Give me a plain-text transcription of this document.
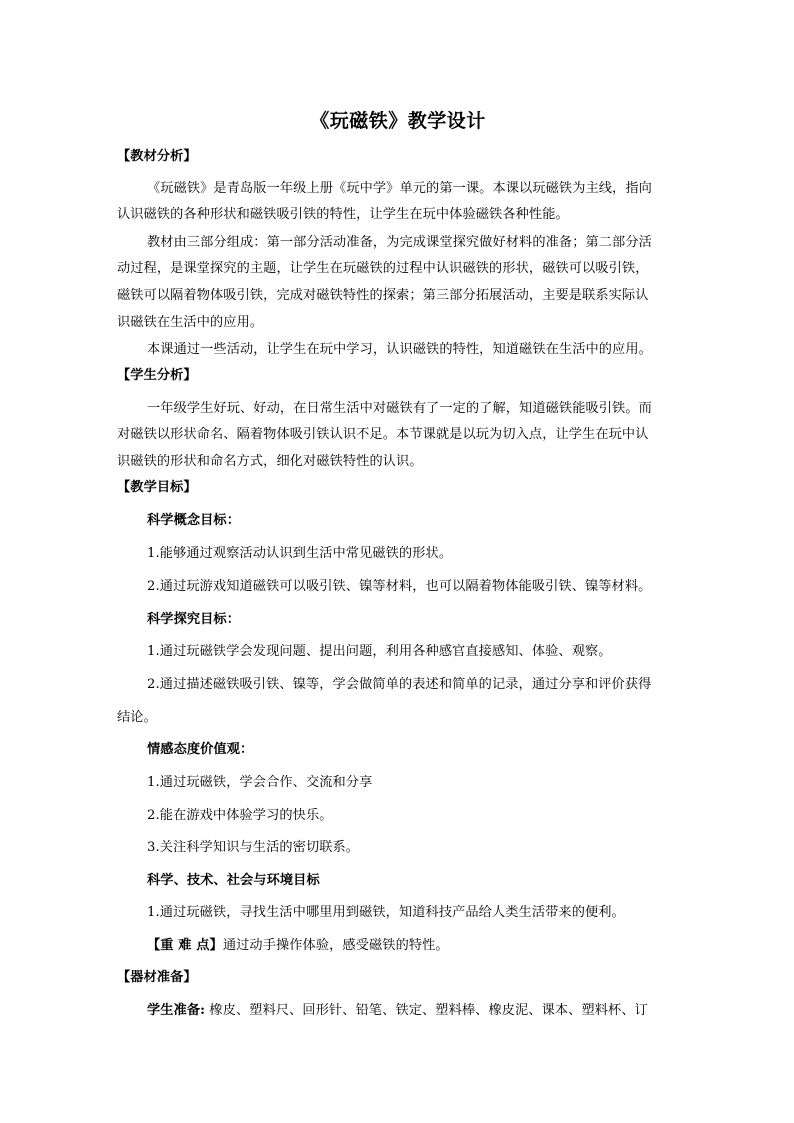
《玩磁铁》教学设计
【教材分析】
《玩磁铁》是青岛版一年级上册《玩中学》单元的第一课。本课以玩磁铁为主线，指向
认识磁铁的各种形状和磁铁吸引铁的特性，让学生在玩中体验磁铁各种性能。
教材由三部分组成：第一部分活动准备，为完成课堂探究做好材料的准备；第二部分活
动过程，是课堂探究的主题，让学生在玩磁铁的过程中认识磁铁的形状，磁铁可以吸引铁，
磁铁可以隔着物体吸引铁，完成对磁铁特性的探索；第三部分拓展活动，主要是联系实际认
识磁铁在生活中的应用。
本课通过一些活动，让学生在玩中学习，认识磁铁的特性，知道磁铁在生活中的应用。
【学生分析】
一年级学生好玩、好动，在日常生活中对磁铁有了一定的了解，知道磁铁能吸引铁。而
对磁铁以形状命名、隔着物体吸引铁认识不足。本节课就是以玩为切入点，让学生在玩中认
识磁铁的形状和命名方式，细化对磁铁特性的认识。
【教学目标】
科学概念目标：
1.能够通过观察活动认识到生活中常见磁铁的形状。
2.通过玩游戏知道磁铁可以吸引铁、镍等材料，也可以隔着物体能吸引铁、镍等材料。
科学探究目标：
1.通过玩磁铁学会发现问题、提出问题，利用各种感官直接感知、体验、观察。
2.通过描述磁铁吸引铁、镍等，学会做简单的表述和简单的记录，通过分享和评价获得
结论。
情感态度价值观：
1.通过玩磁铁，学会合作、交流和分享
2.能在游戏中体验学习的快乐。
3.关注科学知识与生活的密切联系。
科学、技术、社会与环境目标
1.通过玩磁铁，寻找生活中哪里用到磁铁，知道科技产品给人类生活带来的便利。
【重 难 点】通过动手操作体验，感受磁铁的特性。
【器材准备】
学生准备: 橡皮、塑料尺、回形针、铅笔、铁定、塑料棒、橡皮泥、课本、塑料杯、订
